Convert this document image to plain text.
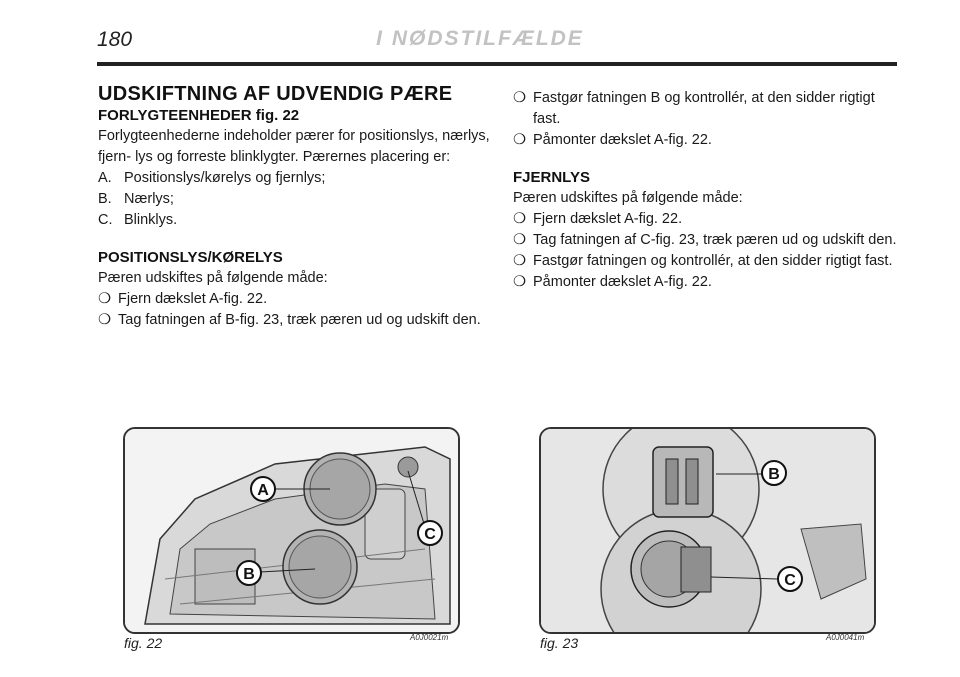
180	I NØDSTILFÆLDE

UDSKIFTNING AF UDVENDIG PÆRE

FORLYGTEENHEDER fig. 22

Forlygteenhederne indeholder pærer for positionslys, nærlys, fjern- lys og forreste blinklygter. Pærernes placering er:

A. Positionslys/kørelys og fjernlys;

B. Nærlys;

C. Blinklys.

POSITIONSLYS/KØRELYS

Pæren udskiftes på følgende måde:

❍ Fjern dækslet A-fig. 22.

❍ Tag fatningen af B-fig. 23, træk pæren ud og udskift den.

❍ Fastgør fatningen B og kontrollér, at den sidder rigtigt fast.

❍ Påmonter dækslet A-fig. 22.

FJERNLYS

Pæren udskiftes på følgende måde:

❍ Fjern dækslet A-fig. 22.

❍ Tag fatningen af C-fig. 23, træk pæren ud og udskift den.

❍ Fastgør fatningen og kontrollér, at den sidder rigtigt fast.

❍ Påmonter dækslet A-fig. 22.

A
B
C
fig. 22	A0J0021m
B
C
fig. 23	A0J0041m
